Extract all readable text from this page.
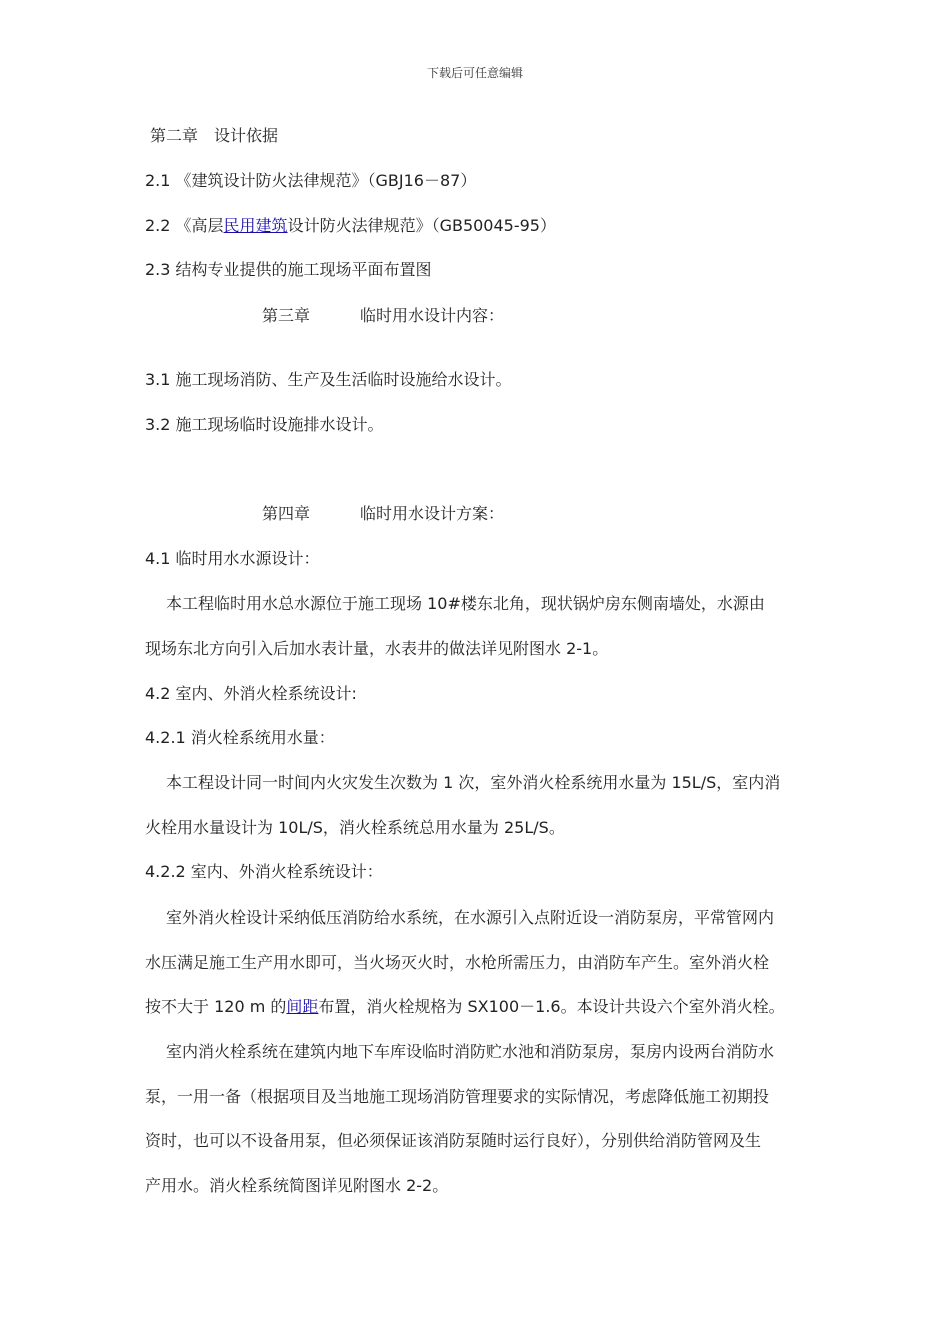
下载后可任意编辑
第二章 设计依据
2.1 《建筑设计防火法律规范》（GBJ16－87）
2.2 《高层民用建筑设计防火法律规范》（GB50045-95）
2.3 结构专业提供的施工现场平面布置图
第三章	临时用水设计内容：
3.1 施工现场消防、生产及生活临时设施给水设计。
3.2 施工现场临时设施排水设计。
第四章	临时用水设计方案：
4.1 临时用水水源设计：
本工程临时用水总水源位于施工现场 10#楼东北角，现状锅炉房东侧南墙处，水源由
现场东北方向引入后加水表计量，水表井的做法详见附图水 2-1。
4.2 室内、外消火栓系统设计:
4.2.1 消火栓系统用水量：
本工程设计同一时间内火灾发生次数为 1 次，室外消火栓系统用水量为 15L/S，室内消
火栓用水量设计为 10L/S，消火栓系统总用水量为 25L/S。
4.2.2 室内、外消火栓系统设计：
室外消火栓设计采纳低压消防给水系统，在水源引入点附近设一消防泵房，平常管网内
水压满足施工生产用水即可，当火场灭火时，水枪所需压力，由消防车产生。室外消火栓
按不大于 120 m 的间距布置，消火栓规格为 SX100－1.6。本设计共设六个室外消火栓。
室内消火栓系统在建筑内地下车库设临时消防贮水池和消防泵房，泵房内设两台消防水
泵，一用一备（根据项目及当地施工现场消防管理要求的实际情况，考虑降低施工初期投
资时，也可以不设备用泵，但必须保证该消防泵随时运行良好），分别供给消防管网及生
产用水。消火栓系统简图详见附图水 2-2。
